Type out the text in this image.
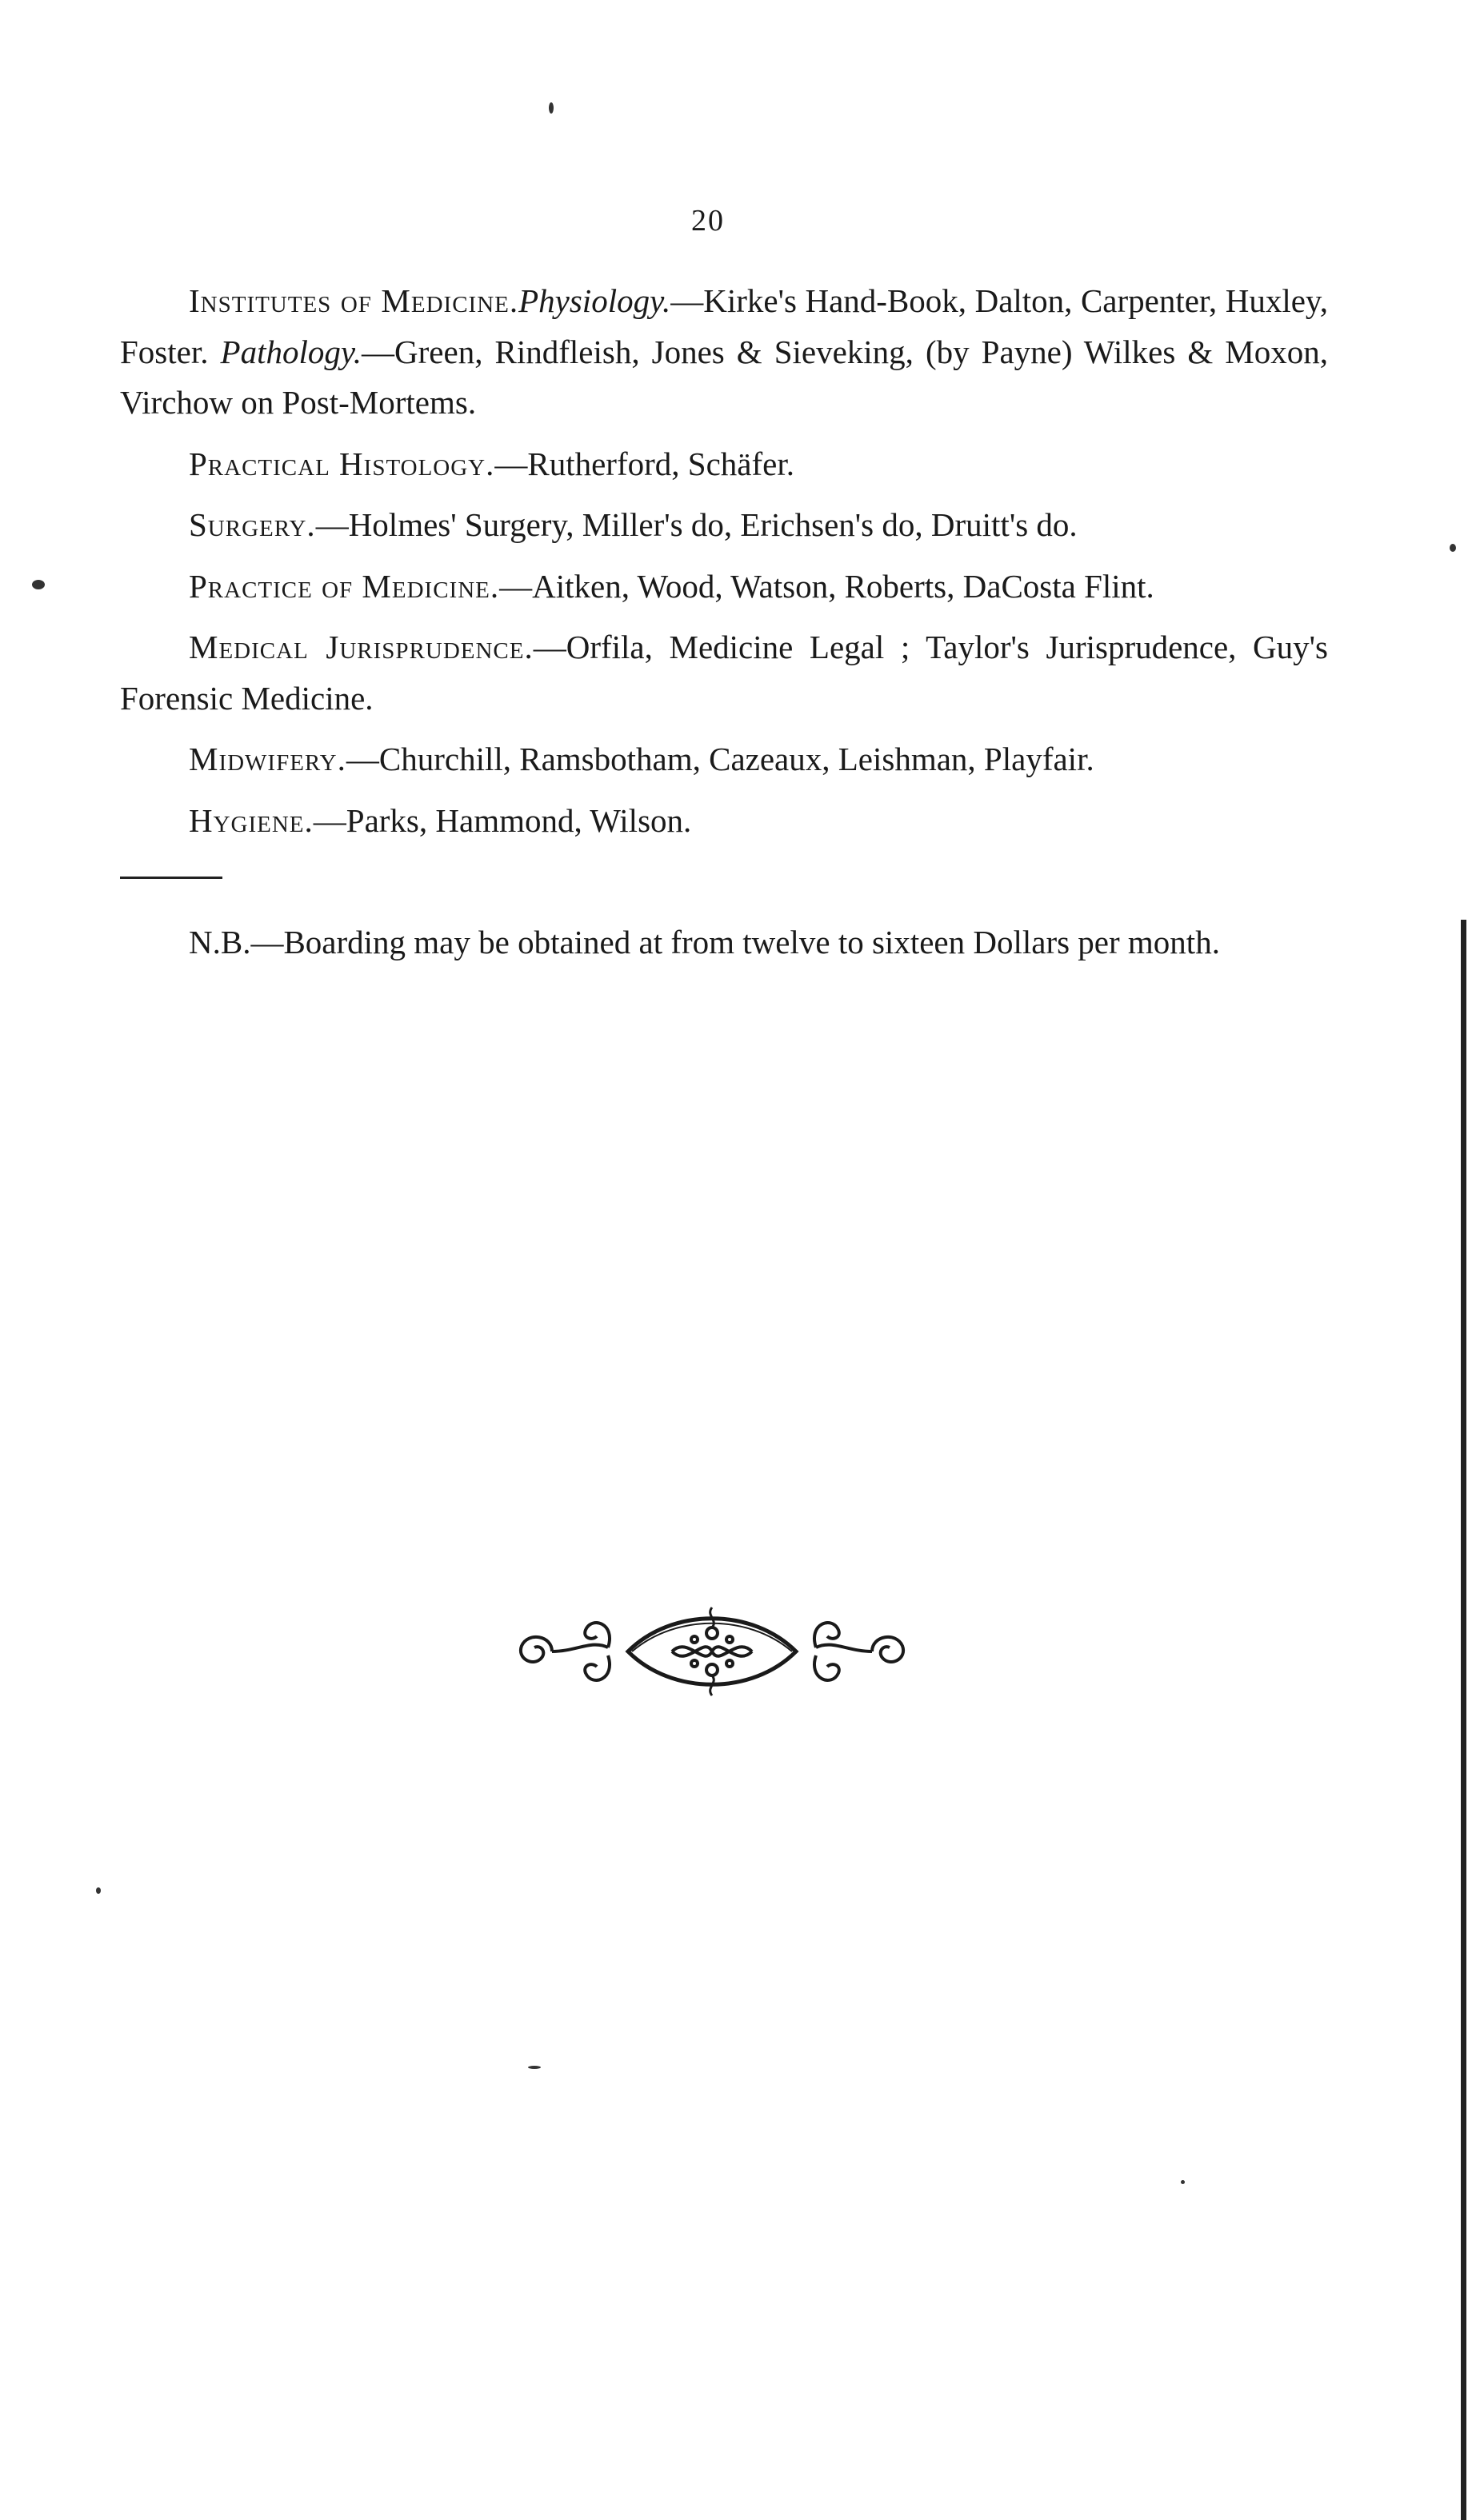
20

Institutes of Medicine.Physiology.—Kirke's Hand-Book, Dalton, Carpenter, Huxley, Foster. Pathology.—Green, Rindfleish, Jones & Sieveking, (by Payne) Wilkes & Moxon, Virchow on Post-Mortems.

Practical Histology.—Rutherford, Schäfer.

Surgery.—Holmes' Surgery, Miller's do, Erichsen's do, Druitt's do.

Practice of Medicine.—Aitken, Wood, Watson, Roberts, DaCosta Flint.

Medical Jurisprudence.—Orfila, Medicine Legal ; Taylor's Jurisprudence, Guy's Forensic Medicine.

Midwifery.—Churchill, Ramsbotham, Cazeaux, Leishman, Playfair.

Hygiene.—Parks, Hammond, Wilson.

N.B.—Boarding may be obtained at from twelve to sixteen Dollars per month.
